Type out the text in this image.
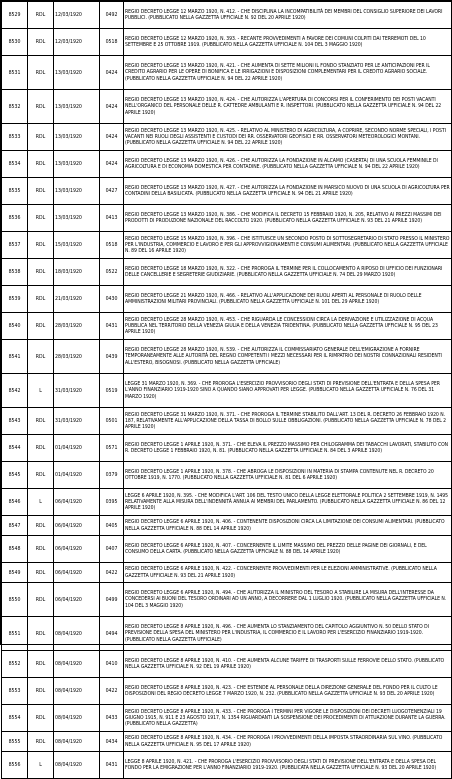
8529	RDL	12/03/1920	0492	REGIO DECRETO LEGGE 12 MARZO 1920, N. 412. - CHE DISCIPLINA LA INCOMPATIBILITÀ DEI MEMBRI DEL CONSIGLIO SUPERIORE DEI LAVORI PUBBLICI. (PUBBLICATO NELLA GAZZETTA UFFICIALE N. 92 DEL 20 APRILE 1920)
8530	RDL	12/03/1920	0518	REGIO DECRETO LEGGE 12 MARZO 1920, N. 393. - RECANTE PROVVEDIMENTI A FAVORE DEI COMUNI COLPITI DAI TERREMOTI DEL 10 SETTEMBRE E 25 OTTOBRE 1919. (PUBBLICATO NELLA GAZZETTA UFFICIALE N. 104 DEL 3 MAGGIO 1920)
8531	RDL	13/03/1920	0424	REGIO DECRETO LEGGE 13 MARZO 1920, N. 421. - CHE AUMENTA DI SETTE MILIONI IL FONDO STANZIATO PER LE ANTICIPAZIONI PER IL CREDITO AGRARIO PER LE OPERE DI BONIFICA E LE IRRIGAZIONI E DISPOSIZIONI COMPLEMENTARI PER IL CREDITO AGRARIO SOCIALE. (PUBBLICATO NELLA GAZZETTA UFFICIALE N. 94 DEL 22 APRILE 1920)
8532	RDL	13/03/1920	0424	REGIO DECRETO LEGGE 13 MARZO 1920, N. 424. - CHE AUTORIZZA L'APERTURA DI CONCORSI PER IL CONFERIMENTO DEI POSTI VACANTI NELL'ORGANICO DEL PERSONALE DELLE R. CATTEDRE AMBULANTI E R. INSPETTORI. (PUBBLICATO NELLA GAZZETTA UFFICIALE N. 94 DEL 22 APRILE 1920)
8533	RDL	13/03/1920	0424	REGIO DECRETO LEGGE 13 MARZO 1920, N. 425. - RELATIVO AL MINISTERO DI AGRICOLTURA, A COPRIRE, SECONDO NORME SPECIALI, I POSTI VACANTI NEI RUOLI DEGLI ASSISTENTI E CUSTODI DEI RR. OSSERVATORI GEOFISICI E RR. OSSERVATORI METEOROLOGICI MONTANI. (PUBBLICATO NELLA GAZZETTA UFFICIALE N. 94 DEL 22 APRILE 1920)
8534	RDL	13/03/1920	0424	REGIO DECRETO LEGGE 13 MARZO 1920, N. 426. - CHE AUTORIZZA LA FONDAZIONE IN ALCAMO (CASERTA) DI UNA SCUOLA FEMMINILE DI AGRICOLTURA E DI ECONOMIA DOMESTICA PER CONTADINE. (PUBBLICATO NELLA GAZZETTA UFFICIALE N. 94 DEL 22 APRILE 1920)
8535	RDL	13/03/1920	0427	REGIO DECRETO LEGGE 13 MARZO 1920, N. 427. - CHE AUTORIZZA LA FONDAZIONE IN MARSICO NUOVO DI UNA SCUOLA DI AGRICOLTURA PER CONTADINI DELLA BASILICATA. (PUBBLICATO NELLA GAZZETTA UFFICIALE N. 94 DEL 21 APRILE 1920)
8536	RDL	13/03/1920	0413	REGIO DECRETO LEGGE 13 MARZO 1920, N. 386. - CHE MODIFICA IL DECRETO 15 FEBBRAIO 1920, N. 205, RELATIVO AI PREZZI MASSIMI DEI PRODOTTI DI PRODUZIONE NAZIONALE DEL RACCOLTO 1920. (PUBBLICATO NELLA GAZZETTA UFFICIALE N. 93 DEL 21 APRILE 1920)
8537	RDL	15/03/1920	0518	REGIO DECRETO LEGGE 15 MARZO 1920, N. 396. - CHE ISTITUISCE UN SECONDO POSTO DI SOTTOSEGRETARIO DI STATO PRESSO IL MINISTERO PER L'INDUSTRIA, COMMERCIO E LAVORO E PER GLI APPROVVIGIONAMENTI E CONSUMI ALIMENTARI. (PUBBLICATO NELLA GAZZETTA UFFICIALE N. 89 DEL 16 APRILE 1920)
8538	RDL	18/03/1920	0522	REGIO DECRETO LEGGE 18 MARZO 1920, N. 322. - CHE PROROGA IL TERMINE PER IL COLLOCAMENTO A RIPOSO DI UFFICIO DEI FUNZIONARI DELLE CANCELLERIE E SEGRETERIE GIUDIZIARIE. (PUBBLICATO NELLA GAZZETTA UFFICIALE N. 74 DEL 29 MARZO 1920)
8539	RDL	21/03/1920	0430	REGIO DECRETO LEGGE 21 MARZO 1920, N. 466. - RELATIVO ALL'APPLICAZIONE DEI RUOLI APERTI AL PERSONALE DI RUOLO DELLE AMMINISTRAZIONI MILITARI PROVINCIALI. (PUBBLICATO NELLA GAZZETTA UFFICIALE N. 101 DEL 29 APRILE 1920)
8540	RDL	28/03/1920	0431	REGIO DECRETO LEGGE 28 MARZO 1920, N. 453. - CHE RIGUARDA LE CONCESSIONI CIRCA LA DERIVAZIONE E UTILIZZAZIONE DI ACQUA PUBBLICA NEL TERRITORIO DELLA VENEZIA GIULIA E DELLA VENEZIA TRIDENTINA. (PUBBLICATO NELLA GAZZETTA UFFICIALE N. 95 DEL 23 APRILE 1920)
8541	RDL	28/03/1920	0439	REGIO DECRETO LEGGE 28 MARZO 1920, N. 539. - CHE AUTORIZZA IL COMMISSARIATO GENERALE DELL'EMIGRAZIONE A FORNIRE TEMPORANEAMENTE ALLE AUTORITÀ DEL REGNO COMPETENTI I MEZZI NECESSARI PER IL RIMPATRIO DEI NOSTRI CONNAZIONALI RESIDENTI ALL'ESTERO, BISOGNOSI. (PUBBLICATO NELLA GAZZETTA UFFICIALE)
8542	L	31/03/1920	0519	LEGGE 31 MARZO 1920, N. 369. - CHE PROROGA L'ESERCIZIO PROVVISORIO DEGLI STATI DI PREVISIONE DELL'ENTRATA E DELLA SPESA PER L'ANNO FINANZIARIO 1919-1920 SINO A QUANDO SIANO APPROVATI PER LEGGE. (PUBBLICATO NELLA GAZZETTA UFFICIALE N. 76 DEL 31 MARZO 1920)
8543	RDL	31/03/1920	0501	REGIO DECRETO LEGGE 31 MARZO 1920, N. 371. - CHE PROROGA IL TERMINE STABILITO DALL'ART. 13 DEL R. DECRETO 26 FEBBRAIO 1920 N. 187, RELATIVAMENTE ALL'APPLICAZIONE DELLA TASSA DI BOLLO SULLE OBBLIGAZIONI. (PUBBLICATO NELLA GAZZETTA UFFICIALE N. 78 DEL 2 APRILE 1920)
8544	RDL	01/04/1920	0571	REGIO DECRETO LEGGE 1 APRILE 1920, N. 371. - CHE ELEVA IL PREZZO MASSIMO PER CHILOGRAMMA DEI TABACCHI LAVORATI, STABILITO CON R. DECRETO LEGGE 1 FEBBRAIO 1920, N. 81. (PUBBLICATO NELLA GAZZETTA UFFICIALE N. 84 DEL 3 APRILE 1920)
8545	RDL	01/04/1920	0379	REGIO DECRETO LEGGE 1 APRILE 1920, N. 378. - CHE ABROGA LE DISPOSIZIONI IN MATERIA DI STAMPA CONTENUTE NEL R. DECRETO 20 OTTOBRE 1919, N. 1770. (PUBBLICATO NELLA GAZZETTA UFFICIALE N. 81 DEL 6 APRILE 1920)
8546	L	06/04/1920	0395	LEGGE 6 APRILE 1920, N. 395. - CHE MODIFICA L'ART. 106 DEL TESTO UNICO DELLA LEGGE ELETTORALE POLITICA 2 SETTEMBRE 1919, N. 1495 RELATIVAMENTE ALLA MISURA DELL'INDENNITÀ ANNUA AI MEMBRI DEL PARLAMENTO. (PUBBLICATO NELLA GAZZETTA UFFICIALE N. 86 DEL 12 APRILE 1920)
8547	RDL	06/04/1920	0405	REGIO DECRETO LEGGE 6 APRILE 1920, N. 406. - CONTENENTE DISPOSIZIONI CIRCA LA LIMITAZIONE DEI CONSUMI ALIMENTARI. (PUBBLICATO NELLA GAZZETTA UFFICIALE N. 88 DEL 14 APRILE 1920)
8548	RDL	06/04/1920	0407	REGIO DECRETO LEGGE 6 APRILE 1920, N. 407. - CONCERNENTE IL LIMITE MASSIMO DEL PREZZO DELLE PAGINE DEI GIORNALI, E DEL CONSUMO DELLA CARTA. (PUBBLICATO NELLA GAZZETTA UFFICIALE N. 88 DEL 14 APRILE 1920)
8549	RDL	06/04/1920	0422	REGIO DECRETO LEGGE 6 APRILE 1920, N. 422. - CONCERNENTE PROVVEDIMENTI PER LE ELEZIONI AMMINISTRATIVE. (PUBBLICATO NELLA GAZZETTA UFFICIALE N. 93 DEL 21 APRILE 1920)
8550	RDL	06/04/1920	0499	REGIO DECRETO LEGGE 6 APRILE 1920, N. 494. - CHE AUTORIZZA IL MINISTRO DEL TESORO A STABILIRE LA MISURA DELL'INTERESSE DA CONCEDERSI AI BUONI DEL TESORO ORDINARI AD UN ANNO, A DECORRERE DAL 1 LUGLIO 1920. (PUBBLICATO NELLA GAZZETTA UFFICIALE N. 104 DEL 3 MAGGIO 1920)
8551	RDL	08/04/1920	0494	REGIO DECRETO LEGGE 8 APRILE 1920, N. 496. - CHE AUMENTA LO STANZIAMENTO DEL CAPITOLO AGGIUNTIVO N. 50 DELLO STATO DI PREVISIONE DELLA SPESA DEL MINISTERO PER L'INDUSTRIA, IL COMMERCIO E IL LAVORO PER L'ESERCIZIO FINANZIARIO 1919-1920. (PUBBLICATO NELLA GAZZETTA UFFICIALE)
8552	RDL	08/04/1920	0410	REGIO DECRETO LEGGE 8 APRILE 1920, N. 410. - CHE AUMENTA ALCUNE TARIFFE DI TRASPORTI SULLE FERROVIE DELLO STATO. (PUBBLICATO NELLA GAZZETTA UFFICIALE N. 92 DEL 19 APRILE 1920)
8553	RDL	08/04/1920	0422	REGIO DECRETO LEGGE 8 APRILE 1920, N. 423. - CHE ESTENDE AL PERSONALE DELLA DIREZIONE GENERALE DEL FONDO PER IL CULTO LE DISPOSIZIONI DEL REGIO DECRETO LEGGE 7 MARZO 1920, N. 232. (PUBBLICATO NELLA GAZZETTA UFFICIALE N. 93 DEL 20 APRILE 1920)
8554	RDL	08/04/1920	0433	REGIO DECRETO LEGGE 8 APRILE 1920, N. 433. - CHE PROROGA I TERMINI PER VIGORE LE DISPOSIZIONI DEI DECRETI LUOGOTENENZIALI 19 GIUGNO 1915, N. 911 E 23 AGOSTO 1917, N. 1354 RIGUARDANTI LA SOSPENSIONE DEI PROCEDIMENTI DI ATTUAZIONE DURANTE LA GUERRA. (PUBBLICATO NELLA GAZZETTA)
8555	RDL	08/04/1920	0434	REGIO DECRETO LEGGE 8 APRILE 1920, N. 434. - CHE PROROGA I PROVVEDIMENTI DELLA IMPOSTA STRAORDINARIA SUL VINO. (PUBBLICATO NELLA GAZZETTA UFFICIALE N. 95 DEL 17 APRILE 1920)
8556	L	08/04/1920	0431	LEGGE 8 APRILE 1920, N. 421. - CHE PROROGA L'ESERCIZIO PROVVISORIO DEGLI STATI DI PREVISIONE DELL'ENTRATA E DELLA SPESA DEL FONDO PER LA EMIGRAZIONE PER L'ANNO FINANZIARIO 1919-1920. (PUBBLICATA NELLA GAZZETTA UFFICIALE N. 93 DEL 20 APRILE 1920)
